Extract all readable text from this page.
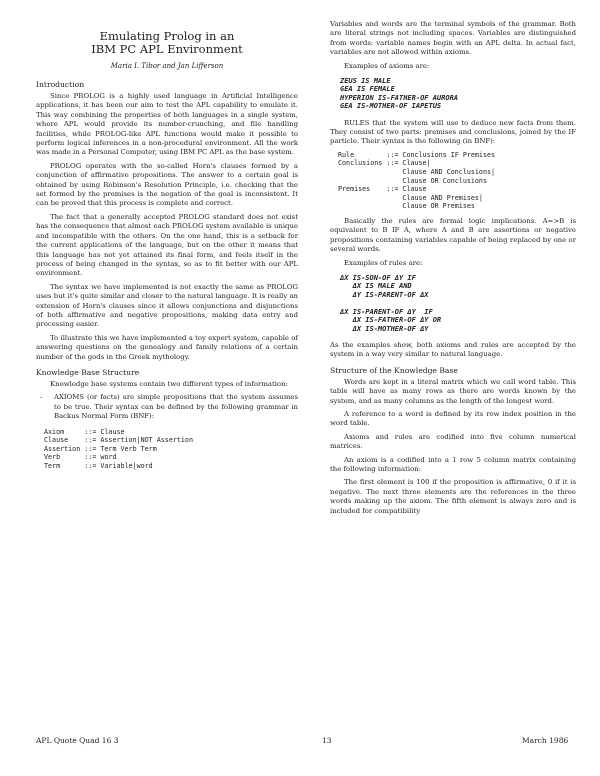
Emulating Prolog in an
IBM PC APL Environment
Maria I. Tibor and Jan Lifferson
Introduction

Since PROLOG is a highly used language in Artificial Intelligence applications, it has been our aim to test the APL capability to emulate it. This way combining the properties of both languages in a single system, where APL would provide its number-crunching, and file handling facilities, while PROLOG-like APL functions would make it possible to perform logical inferences in a non-procedural environment. All the work was made in a Personal Computer, using IBM PC APL as the base system.

PROLOG operates with the so-called Horn's clauses formed by a conjunction of affirmative propositions. The answer to a certain goal is obtained by using Robinson's Resolution Principle, i.e. checking that the set formed by the premises is the negation of the goal is inconsistent. It can be proved that this process is complete and correct.

The fact that a generally accepted PROLOG standard does not exist has the consequence that almost each PROLOG system available is unique and incompatible with the others. On the one hand, this is a setback for the current applications of the language, but on the other it means that this language has not yet attained its final form, and feels itself in the process of being changed in the syntax, so as to fit better with our APL environment.

The syntax we have implemented is not exactly the same as PROLOG uses but it's quite similar and closer to the natural language. It is really an extension of Horn's clauses since it allows conjunctions and disjunctions of both affirmative and negative propositions, making data entry and processing easier.

To illustrate this we have implemented a toy expert system, capable of answering questions on the genealogy and family relations of a certain number of the gods in the Greek mythology.

Knowledge Base Structure

Knowledge base systems contain two different types of information:

- AXIOMS (or facts) are simple propositions that the system assumes to be true. Their syntax can be defined by the following grammar in Backus Normal Form (BNF):
Axiom     ::= Clause
Clause    ::= Assertion|NOT Assertion
Assertion ::= Term Verb Term
Verb      ::= word
Term      ::= Variable|word

Variables and words are the terminal symbols of the grammar. Both are literal strings not including spaces. Variables are distinguished from words: variable names begin with an APL delta. In actual fact, variables are not allowed within axioms.

Examples of axioms are:

ZEUS IS MALE
GEA IS FEMALE
HYPERION IS-FATHER-OF AURORA
GEA IS-MOTHER-OF IAPETUS

RULES that the system will use to deduce new facts from them. They consist of two parts: premises and conclusions, joined by the IF particle. Their syntax is the following (in BNF):

Rule        ::= Conclusions IF Premises
Conclusions ::= Clause|
Clause AND Conclusions|
Clause OR Conclusions
Premises    ::= Clause
Clause AND Premises|
Clause OR Premises

Basically the rules are formal logic implications. A=>B is equivalent to B IF A, where A and B are assertions or negative propositions containing variables capable of being replaced by one or several words.

Examples of rules are:

ΔX IS-SON-OF ΔY IF
ΔX IS MALE AND
ΔY IS-PARENT-OF ΔX

ΔX IS-PARENT-OF ΔY  IF
ΔX IS-FATHER-OF ΔY OR
ΔX IS-MOTHER-OF ΔY

As the examples show, both axioms and rules are accepted by the system in a way very similar to natural language.

Structure of the Knowledge Base

Words are kept in a literal matrix which we call word table. This table will have as many rows as there are words known by the system, and as many columns as the length of the longest word.

A reference to a word is defined by its row index position in the word table.

Axioms and rules are codified into five column numerical matrices.

An axiom is a codified into a 1 row 5 column matrix containing the following information:

The first element is 100 if the proposition is affirmative, 0 if it is negative. The next three elements are the references in the three words making up the axiom. The fifth element is always zero and is included for compatibility

APL Quote Quad 16 3	13	March 1986
